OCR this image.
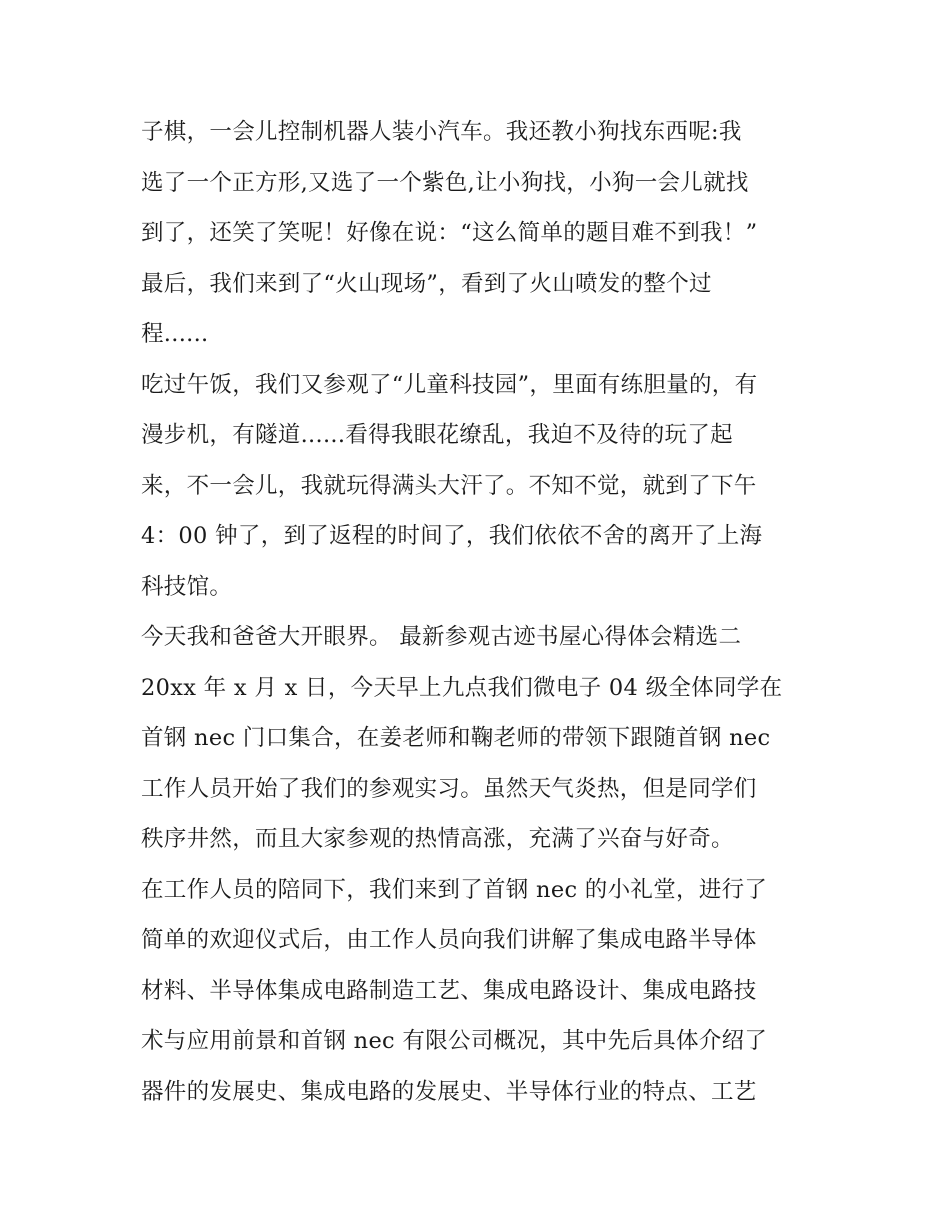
子棋，一会儿控制机器人装小汽车。我还教小狗找东西呢:我
选了一个正方形,又选了一个紫色,让小狗找，小狗一会儿就找
到了，还笑了笑呢！好像在说：“这么简单的题目难不到我！”
最后，我们来到了“火山现场”，看到了火山喷发的整个过
程......
吃过午饭，我们又参观了“儿童科技园”，里面有练胆量的，有
漫步机，有隧道......看得我眼花缭乱，我迫不及待的玩了起
来，不一会儿，我就玩得满头大汗了。不知不觉，就到了下午
4：00 钟了，到了返程的时间了，我们依依不舍的离开了上海
科技馆。
今天我和爸爸大开眼界。 最新参观古迹书屋心得体会精选二
20xx 年 x 月 x 日，今天早上九点我们微电子 04 级全体同学在
首钢 nec 门口集合，在姜老师和鞠老师的带领下跟随首钢 nec
工作人员开始了我们的参观实习。虽然天气炎热，但是同学们
秩序井然，而且大家参观的热情高涨，充满了兴奋与好奇。
在工作人员的陪同下，我们来到了首钢 nec 的小礼堂，进行了
简单的欢迎仪式后，由工作人员向我们讲解了集成电路半导体
材料、半导体集成电路制造工艺、集成电路设计、集成电路技
术与应用前景和首钢 nec 有限公司概况，其中先后具体介绍了
器件的发展史、集成电路的发展史、半导体行业的特点、工艺
